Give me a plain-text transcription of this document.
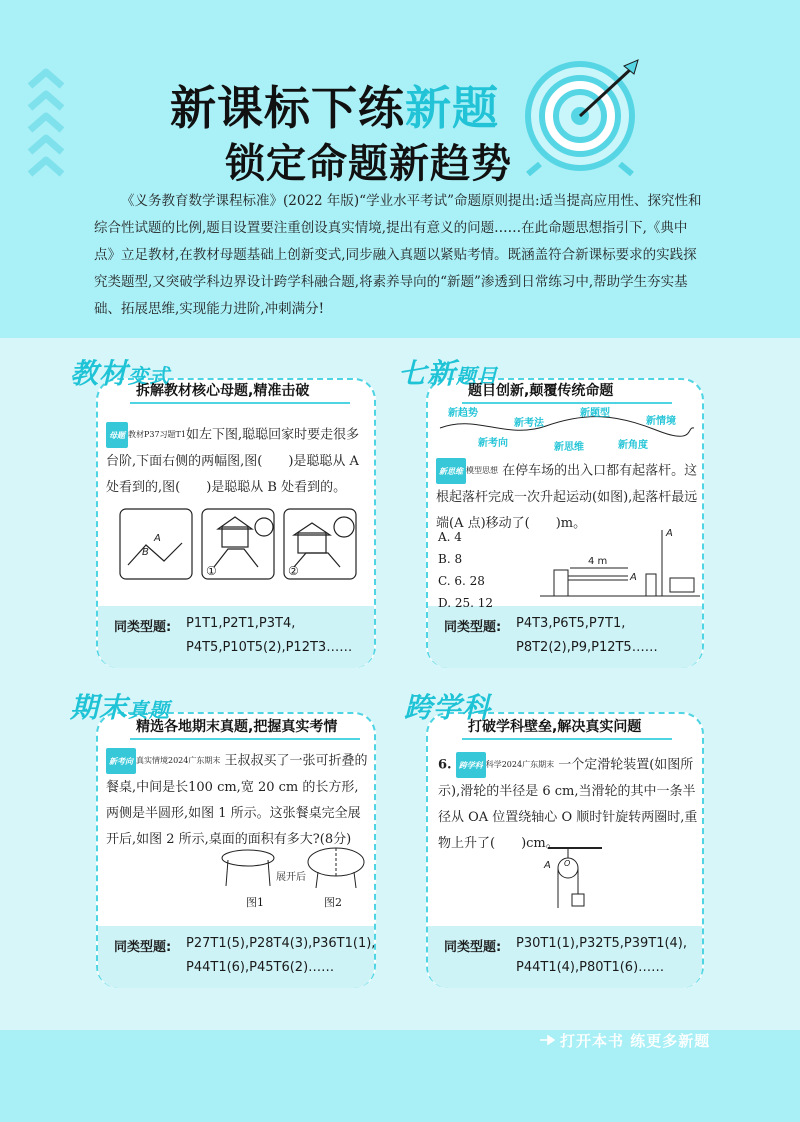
新课标下练新题
锁定命题新趋势
《义务教育数学课程标准》(2022 年版)“学业水平考试”命题原则提出:适当提高应用性、探究性和综合性试题的比例,题目设置要注重创设真实情境,提出有意义的问题……在此命题思想指引下,《典中点》立足教材,在教材母题基础上创新变式,同步融入真题以紧贴考情。既涵盖符合新课标要求的实践探究类题型,又突破学科边界设计跨学科融合题,将素养导向的“新题”渗透到日常练习中,帮助学生夯实基础、拓展思维,实现能力进阶,冲刺满分!
同类型题: P1T1,P2T1,P3T4,
P4T5,P10T5(2),P12T3……
教材变式
拆解教材核心母题,精准击破
母题 教材P37习题T1如左下图,聪聪回家时要走很多台阶,下面右侧的两幅图,图(　　)是聪聪从 A 处看到的,图(　　)是聪聪从 B 处看到的。
A
B
①	②
同类型题: P4T3,P6T5,P7T1,
P8T2(2),P9,P12T5……
七新题目
题目创新,颠覆传统命题
新趋势
新考法
新题型
新情境
新考向	新思维	新角度
新思维 模型思想 在停车场的出入口都有起落杆。这根起落杆完成一次升起运动(如图),起落杆最远端(A 点)移动了(　　)m。
A. 4
B. 8
C. 6. 28
D. 25. 12
4 m
A
A
同类型题: P27T1(5),P28T4(3),P36T1(1),
P44T1(6),P45T6(2)……
期末真题
精选各地期末真题,把握真实考情
新考向 真实情境2024广东期末 王叔叔买了一张可折叠的餐桌,中间是长100 cm,宽 20 cm 的长方形,两侧是半圆形,如图 1 所示。这张餐桌完全展开后,如图 2 所示,桌面的面积有多大?(8分)
展开后
图1	图2
同类型题: P30T1(1),P32T5,P39T1(4),
P44T1(4),P80T1(6)……
跨学科
打破学科壁垒,解决真实问题
6. 跨学科 科学2024广东期末 一个定滑轮装置(如图所示),滑轮的半径是 6 cm,当滑轮的其中一条半径从 OA 位置绕轴心 O 顺时针旋转两圈时,重物上升了(　　)cm。
A O
打开本书 练更多新题
